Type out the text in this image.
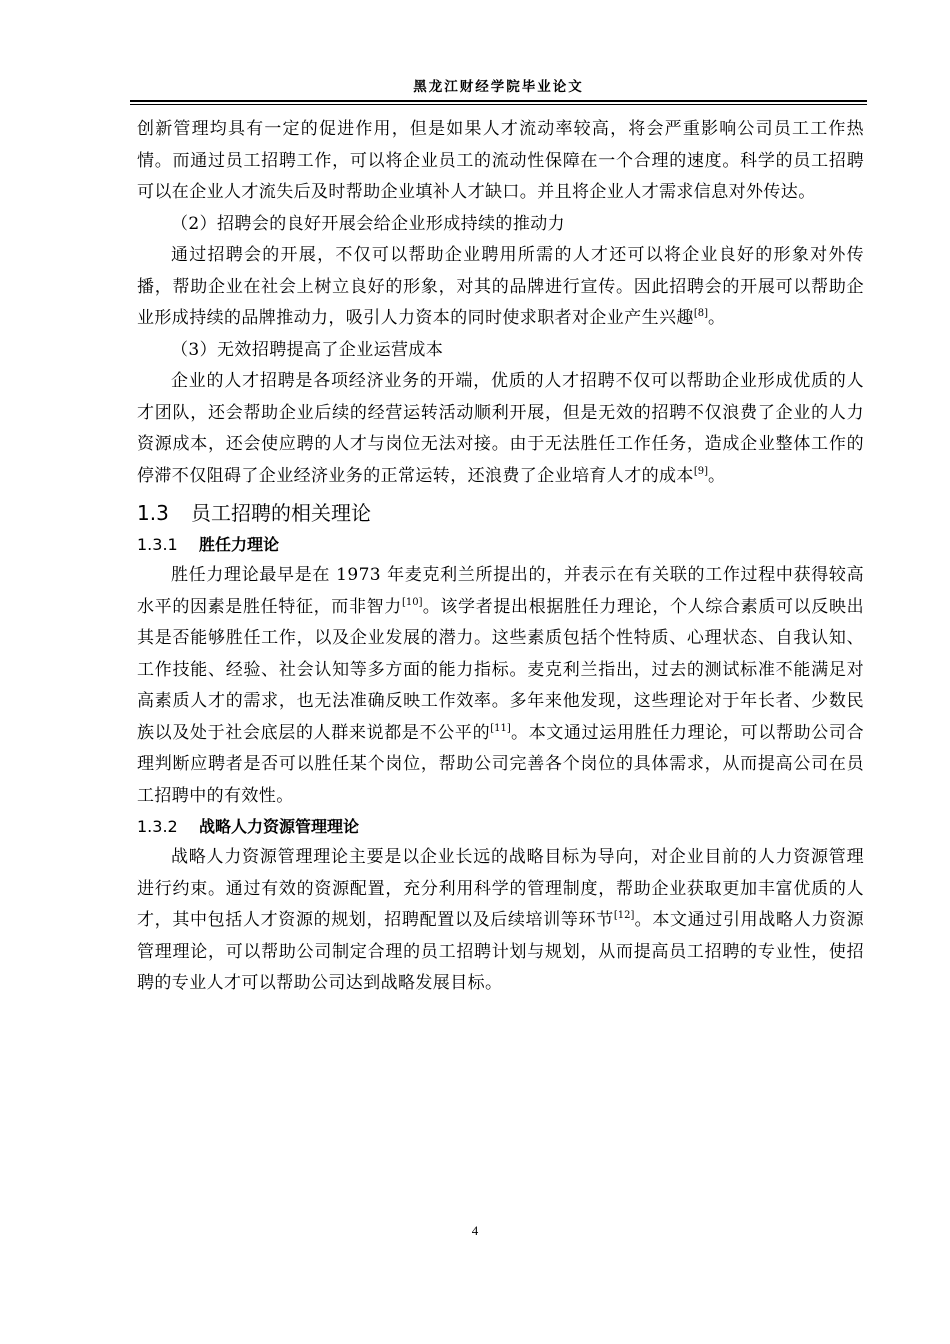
黑龙江财经学院毕业论文

创新管理均具有一定的促进作用，但是如果人才流动率较高，将会严重影响公司员工工作热情。而通过员工招聘工作，可以将企业员工的流动性保障在一个合理的速度。科学的员工招聘可以在企业人才流失后及时帮助企业填补人才缺口。并且将企业人才需求信息对外传达。

（2）招聘会的良好开展会给企业形成持续的推动力

通过招聘会的开展，不仅可以帮助企业聘用所需的人才还可以将企业良好的形象对外传播，帮助企业在社会上树立良好的形象，对其的品牌进行宣传。因此招聘会的开展可以帮助企业形成持续的品牌推动力，吸引人力资本的同时使求职者对企业产生兴趣[8]。

（3）无效招聘提高了企业运营成本

企业的人才招聘是各项经济业务的开端，优质的人才招聘不仅可以帮助企业形成优质的人才团队，还会帮助企业后续的经营运转活动顺利开展，但是无效的招聘不仅浪费了企业的人力资源成本，还会使应聘的人才与岗位无法对接。由于无法胜任工作任务，造成企业整体工作的停滞不仅阻碍了企业经济业务的正常运转，还浪费了企业培育人才的成本[9]。

1.3 员工招聘的相关理论
1.3.1 胜任力理论

胜任力理论最早是在 1973 年麦克利兰所提出的，并表示在有关联的工作过程中获得较高水平的因素是胜任特征，而非智力[10]。该学者提出根据胜任力理论，个人综合素质可以反映出其是否能够胜任工作，以及企业发展的潜力。这些素质包括个性特质、心理状态、自我认知、工作技能、经验、社会认知等多方面的能力指标。麦克利兰指出，过去的测试标准不能满足对高素质人才的需求，也无法准确反映工作效率。多年来他发现，这些理论对于年长者、少数民族以及处于社会底层的人群来说都是不公平的[11]。本文通过运用胜任力理论，可以帮助公司合理判断应聘者是否可以胜任某个岗位，帮助公司完善各个岗位的具体需求，从而提高公司在员工招聘中的有效性。

1.3.2 战略人力资源管理理论

战略人力资源管理理论主要是以企业长远的战略目标为导向，对企业目前的人力资源管理进行约束。通过有效的资源配置，充分利用科学的管理制度，帮助企业获取更加丰富优质的人才，其中包括人才资源的规划，招聘配置以及后续培训等环节[12]。本文通过引用战略人力资源管理理论，可以帮助公司制定合理的员工招聘计划与规划，从而提高员工招聘的专业性，使招聘的专业人才可以帮助公司达到战略发展目标。

4
